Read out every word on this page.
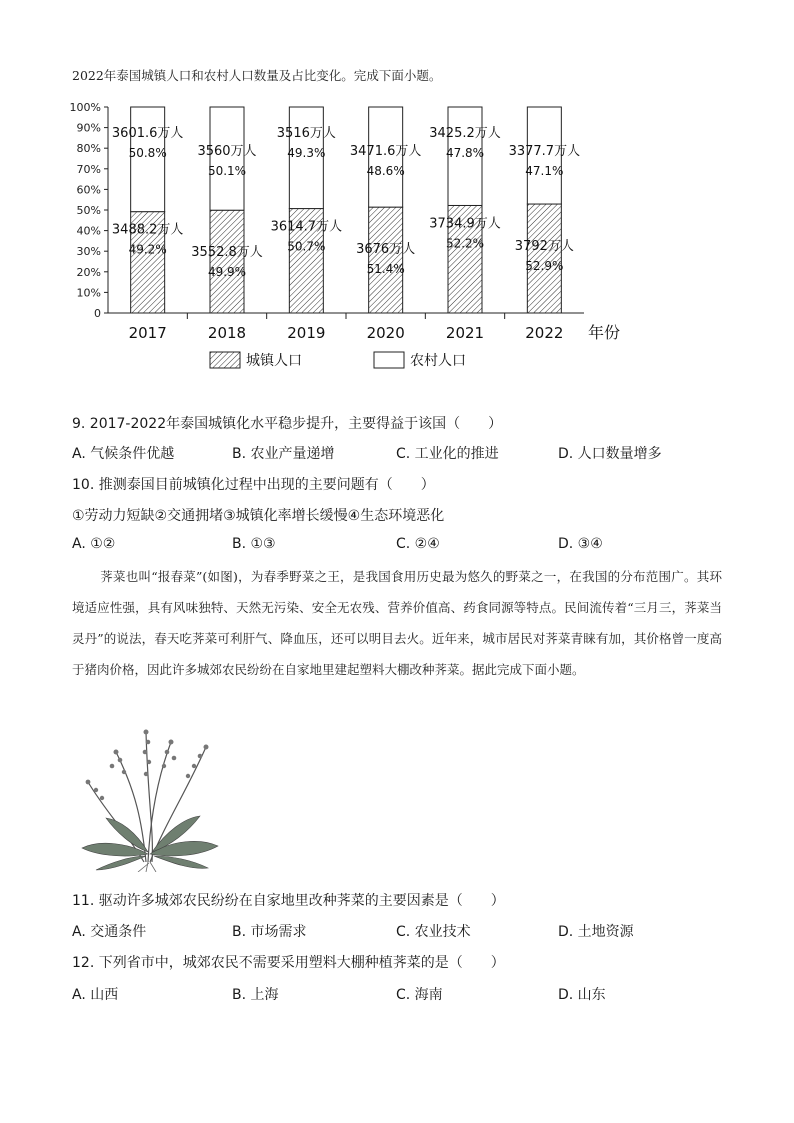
2022年泰国城镇人口和农村人口数量及占比变化。完成下面小题。
0
10%
20%
30%
40%
50%
60%
70%
80%
90%
100%
3601.6万人
50.8%
3488.2万人
49.2%
2017
3560万人
50.1%
3552.8万人
49.9%
2018
3516万人
49.3%
3614.7万人
50.7%
2019
3471.6万人
48.6%
3676万人
51.4%
2020
3425.2万人
47.8%
3734.9万人
52.2%
2021
3377.7万人
47.1%
3792万人
52.9%
2022 年份
城镇人口	农村人口
9. 2017-2022年泰国城镇化水平稳步提升，主要得益于该国（　　）
A. 气候条件优越	B. 农业产量递增	C. 工业化的推进	D. 人口数量增多
10. 推测泰国目前城镇化过程中出现的主要问题有（　　）
①劳动力短缺②交通拥堵③城镇化率增长缓慢④生态环境恶化
A. ①②	B. ①③	C. ②④	D. ③④
荠菜也叫“报春菜”(如图)，为春季野菜之王，是我国食用历史最为悠久的野菜之一，在我国的分布范围广。其环境适应性强，具有风味独特、天然无污染、安全无农残、营养价值高、药食同源等特点。民间流传着“三月三，荠菜当灵丹”的说法，春天吃荠菜可利肝气、降血压，还可以明目去火。近年来，城市居民对荠菜青睐有加，其价格曾一度高于猪肉价格，因此许多城郊农民纷纷在自家地里建起塑料大棚改种荠菜。据此完成下面小题。
11. 驱动许多城郊农民纷纷在自家地里改种荠菜的主要因素是（　　）
A. 交通条件	B. 市场需求	C. 农业技术	D. 土地资源
12. 下列省市中，城郊农民不需要采用塑料大棚种植荠菜的是（　　）
A. 山西	B. 上海	C. 海南	D. 山东
